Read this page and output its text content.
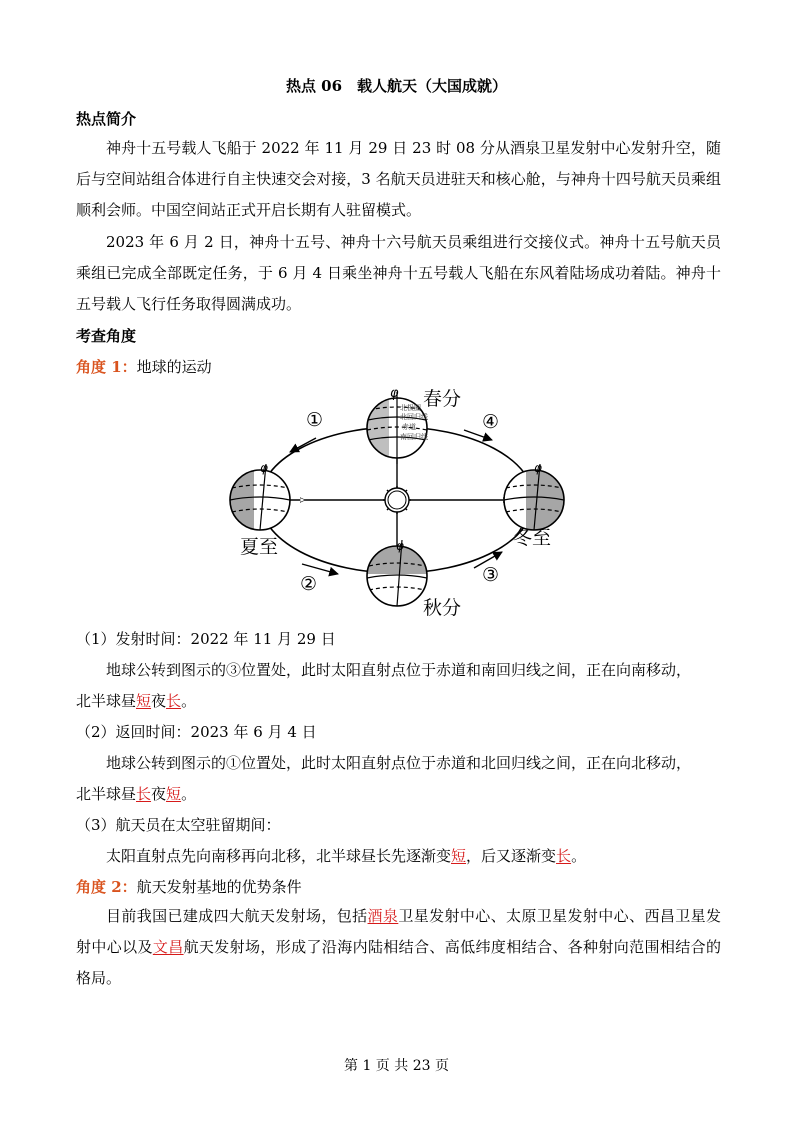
热点 06　载人航天（大国成就）
热点简介

神舟十五号载人飞船于 2022 年 11 月 29 日 23 时 08 分从酒泉卫星发射中心发射升空，随后与空间站组合体进行自主快速交会对接，3 名航天员进驻天和核心舱，与神舟十四号航天员乘组顺利会师。中国空间站正式开启长期有人驻留模式。

2023 年 6 月 2 日，神舟十五号、神舟十六号航天员乘组进行交接仪式。神舟十五号航天员乘组已完成全部既定任务，于 6 月 4 日乘坐神舟十五号载人飞船在东风着陆场成功着陆。神舟十五号载人飞行任务取得圆满成功。

考查角度
角度 1：地球的运动
北极圈
北回归线
赤道
南回归线
φ
φ	φ
φ
春分
夏至
秋分
冬至
①
②	③
④
（1）发射时间：2022 年 11 月 29 日
地球公转到图示的③位置处，此时太阳直射点位于赤道和南回归线之间，正在向南移动，
北半球昼短夜长。
（2）返回时间：2023 年 6 月 4 日
地球公转到图示的①位置处，此时太阳直射点位于赤道和北回归线之间，正在向北移动，
北半球昼长夜短。
（3）航天员在太空驻留期间：
太阳直射点先向南移再向北移，北半球昼长先逐渐变短，后又逐渐变长。
角度 2：航天发射基地的优势条件

目前我国已建成四大航天发射场，包括酒泉卫星发射中心、太原卫星发射中心、西昌卫星发射中心以及文昌航天发射场，形成了沿海内陆相结合、高低纬度相结合、各种射向范围相结合的格局。

第 1 页 共 23 页
